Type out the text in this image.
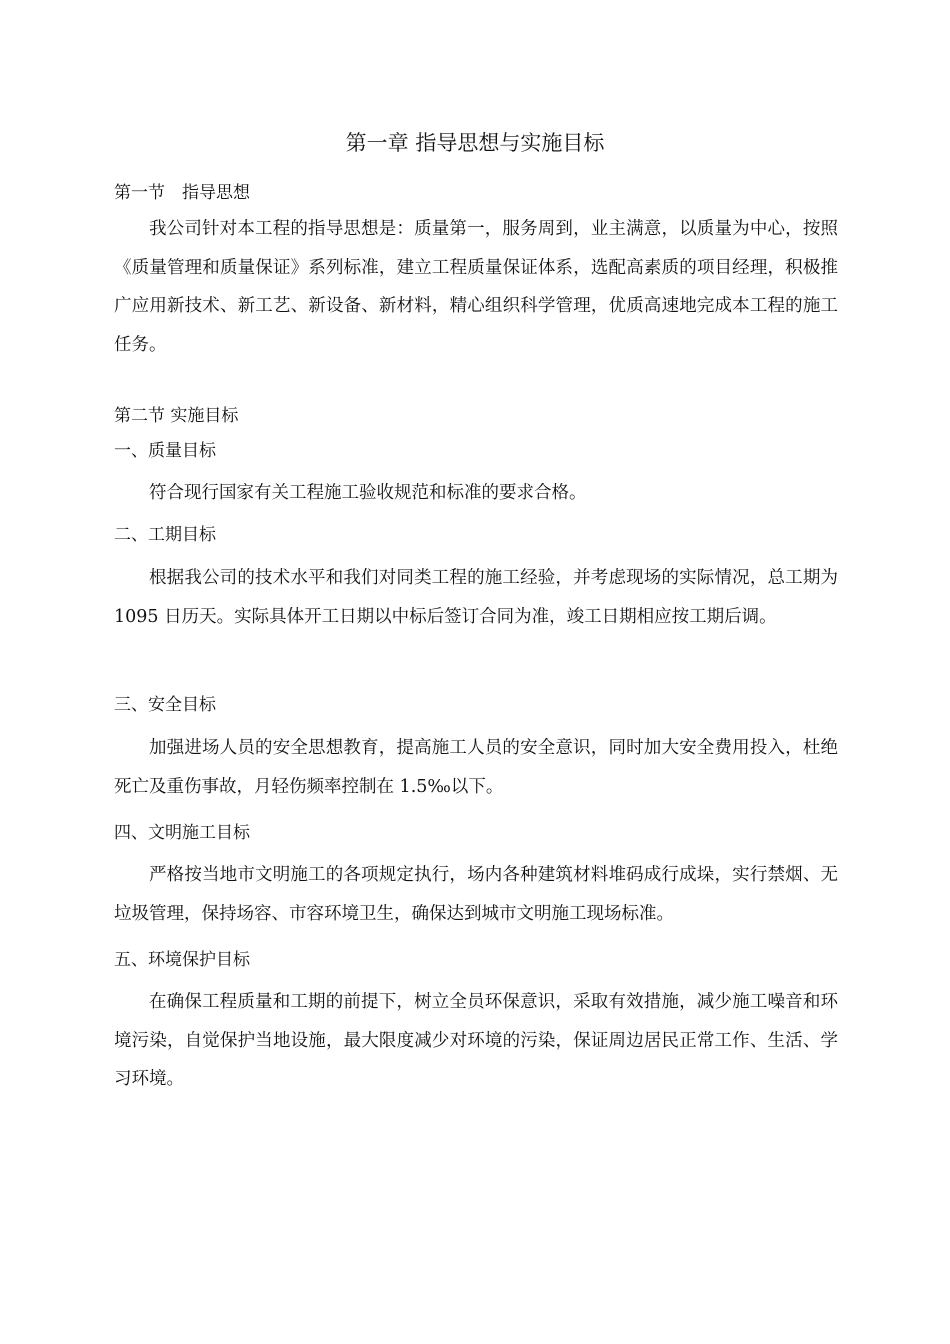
第一章 指导思想与实施目标

第一节　指导思想

我公司针对本工程的指导思想是：质量第一，服务周到，业主满意，以质量为中心，按照《质量管理和质量保证》系列标准，建立工程质量保证体系，选配高素质的项目经理，积极推广应用新技术、新工艺、新设备、新材料，精心组织科学管理，优质高速地完成本工程的施工任务。

第二节 实施目标

一、质量目标

符合现行国家有关工程施工验收规范和标准的要求合格。

二、工期目标

根据我公司的技术水平和我们对同类工程的施工经验，并考虑现场的实际情况，总工期为 1095 日历天。实际具体开工日期以中标后签订合同为准，竣工日期相应按工期后调。

三、安全目标

加强进场人员的安全思想教育，提高施工人员的安全意识，同时加大安全费用投入，杜绝死亡及重伤事故，月轻伤频率控制在 1.5‰以下。

四、文明施工目标

严格按当地市文明施工的各项规定执行，场内各种建筑材料堆码成行成垛，实行禁烟、无垃圾管理，保持场容、市容环境卫生，确保达到城市文明施工现场标准。

五、环境保护目标

在确保工程质量和工期的前提下，树立全员环保意识，采取有效措施，减少施工噪音和环境污染，自觉保护当地设施，最大限度减少对环境的污染，保证周边居民正常工作、生活、学习环境。
